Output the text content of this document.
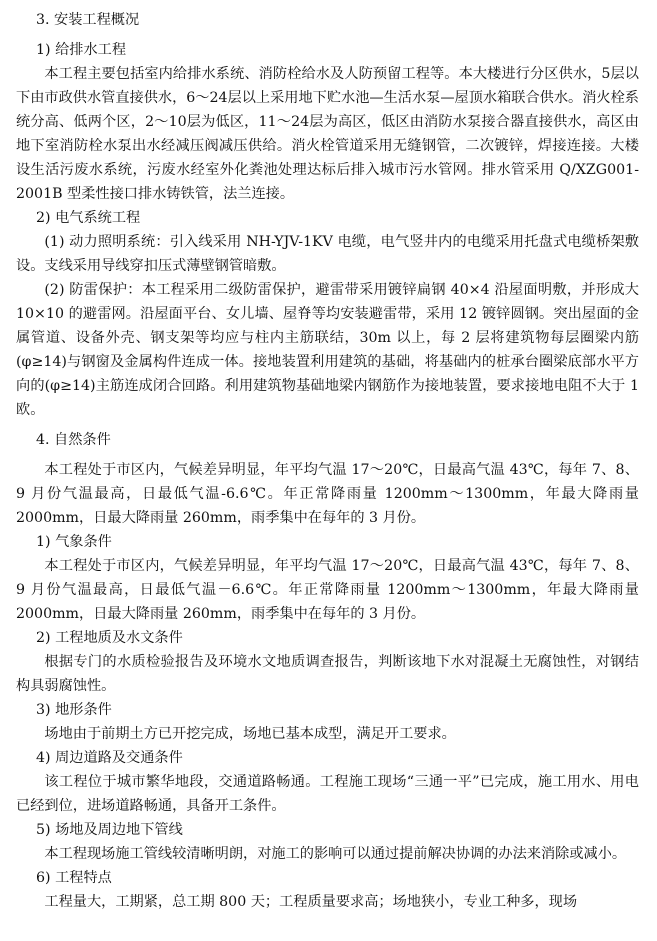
3. 安装工程概况

1) 给排水工程

本工程主要包括室内给排水系统、消防栓给水及人防预留工程等。本大楼进行分区供水，5层以下由市政供水管直接供水，6～24层以上采用地下贮水池—生活水泵—屋顶水箱联合供水。消火栓系统分高、低两个区，2～10层为低区，11～24层为高区，低区由消防水泵接合器直接供水，高区由地下室消防栓水泵出水经减压阀减压供给。消火栓管道采用无缝钢管，二次镀锌，焊接连接。大楼设生活污废水系统，污废水经室外化粪池处理达标后排入城市污水管网。排水管采用 Q/XZG001-2001B 型柔性接口排水铸铁管，法兰连接。

2) 电气系统工程

(1) 动力照明系统：引入线采用 NH-YJV-1KV 电缆，电气竖井内的电缆采用托盘式电缆桥架敷设。支线采用导线穿扣压式薄壁钢管暗敷。

(2) 防雷保护：本工程采用二级防雷保护，避雷带采用镀锌扁钢 40×4 沿屋面明敷，并形成大 10×10 的避雷网。沿屋面平台、女儿墙、屋脊等均安装避雷带，采用 12 镀锌圆钢。突出屋面的金属管道、设备外壳、钢支架等均应与柱内主筋联结，30m 以上，每 2 层将建筑物每层圈梁内筋(φ≥14)与钢窗及金属构件连成一体。接地装置利用建筑的基础，将基础内的桩承台圈梁底部水平方向的(φ≥14)主筋连成闭合回路。利用建筑物基础地梁内钢筋作为接地装置，要求接地电阻不大于 1 欧。

4. 自然条件

本工程处于市区内，气候差异明显，年平均气温 17～20℃，日最高气温 43℃，每年 7、8、9 月份气温最高，日最低气温-6.6℃。年正常降雨量 1200mm～1300mm，年最大降雨量 2000mm，日最大降雨量 260mm，雨季集中在每年的 3 月份。

1) 气象条件

本工程处于市区内，气候差异明显，年平均气温 17～20℃，日最高气温 43℃，每年 7、8、9 月份气温最高，日最低气温－6.6℃。年正常降雨量 1200mm～1300mm，年最大降雨量 2000mm，日最大降雨量 260mm，雨季集中在每年的 3 月份。

2) 工程地质及水文条件

根据专门的水质检验报告及环境水文地质调查报告，判断该地下水对混凝土无腐蚀性，对钢结构具弱腐蚀性。

3) 地形条件

场地由于前期土方已开挖完成，场地已基本成型，满足开工要求。

4) 周边道路及交通条件

该工程位于城市繁华地段，交通道路畅通。工程施工现场“三通一平”已完成，施工用水、用电已经到位，进场道路畅通，具备开工条件。

5) 场地及周边地下管线

本工程现场施工管线较清晰明朗，对施工的影响可以通过提前解决协调的办法来消除或减小。

6) 工程特点

工程量大，工期紧，总工期 800 天；工程质量要求高；场地狭小，专业工种多，现场
